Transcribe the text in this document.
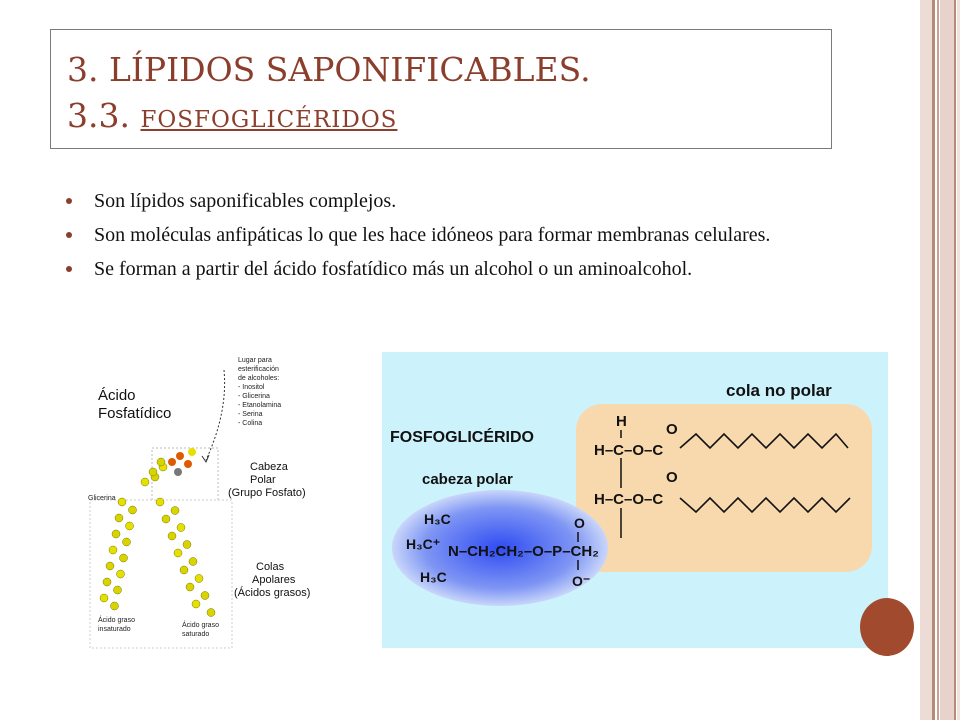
3. LÍPIDOS SAPONIFICABLES.
3.3. FOSFOGLICÉRIDOS
Son lípidos saponificables complejos.
Son moléculas anfipáticas lo que les hace idóneos para formar membranas celulares.
Se forman a partir del ácido fosfatídico más un alcohol o un aminoalcohol.
Ácido
Fosfatídico
Lugar para
esterificación
de alcoholes:
- Inositol
- Glicerina
- Etanolamina
- Serina
- Colina
Cabeza
Polar
(Grupo Fosfato)
Glicerina
Colas
Apolares
(Ácidos grasos)
Ácido graso
insaturado
Ácido graso
saturado
FOSFOGLICÉRIDO
cola no polar
cabeza polar
H
H–C–O–C
O
O
H–C–O–C
H₃C
H₃C⁺
H₃C
N–CH₂CH₂–O–P–CH₂
O
O⁻
